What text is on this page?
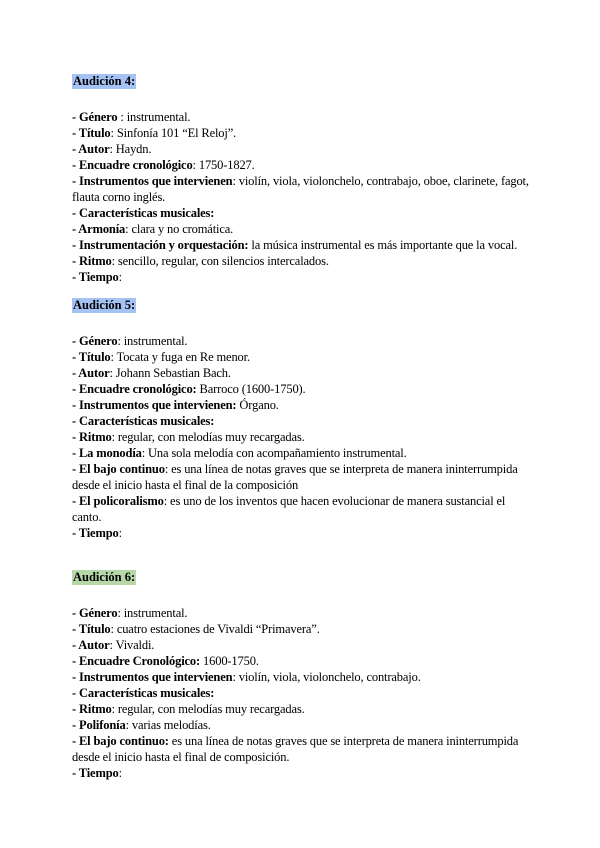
Audición 4:
- Género : instrumental.
- Título: Sinfonía 101 “El Reloj”.
- Autor: Haydn.
- Encuadre cronológico: 1750-1827.
- Instrumentos que intervienen: violín, viola, violonchelo, contrabajo, oboe, clarinete, fagot, flauta corno inglés.
- Características musicales:
- Armonía: clara y no cromática.
- Instrumentación y orquestación: la música instrumental es más importante que la vocal.
- Ritmo: sencillo, regular, con silencios intercalados.
- Tiempo:
Audición 5:
- Género: instrumental.
- Título: Tocata y fuga en Re menor.
- Autor: Johann Sebastian Bach.
- Encuadre cronológico: Barroco (1600-1750).
- Instrumentos que intervienen: Órgano.
- Características musicales:
- Ritmo: regular, con melodías muy recargadas.
- La monodía: Una sola melodía con acompañamiento instrumental.
- El bajo continuo: es una línea de notas graves que se interpreta de manera ininterrumpida desde el inicio hasta el final de la composición
- El policoralismo: es uno de los inventos que hacen evolucionar de manera sustancial el canto.
- Tiempo:
Audición 6:
- Género: instrumental.
- Título: cuatro estaciones de Vivaldi “Primavera”.
- Autor: Vivaldi.
- Encuadre Cronológico: 1600-1750.
- Instrumentos que intervienen: violín, viola, violonchelo, contrabajo.
- Características musicales:
- Ritmo: regular, con melodías muy recargadas.
- Polifonía: varias melodías.
- El bajo continuo: es una línea de notas graves que se interpreta de manera ininterrumpida desde el inicio hasta el final de composición.
- Tiempo:
